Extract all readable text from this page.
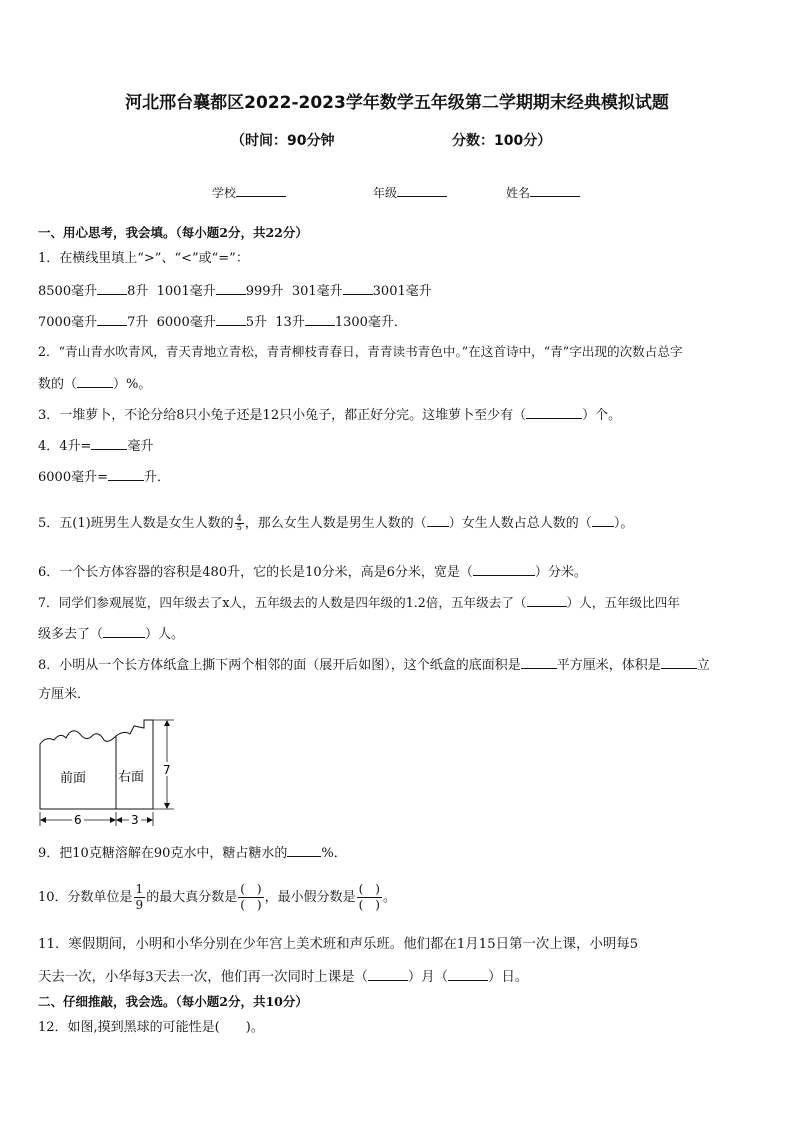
河北邢台襄都区2022-2023学年数学五年级第二学期期末经典模拟试题
（时间：90分钟	分数：100分）
学校	年级	姓名
一、用心思考，我会填。（每小题2分，共22分）
1．在横线里填上“>”、“<”或“=”：
8500毫升 8升 1001毫升 999升 301毫升 3001毫升
7000毫升 7升 6000毫升 5升 13升 1300毫升．
2．“青山青水吹青风，青天青地立青松，青青柳枝青春日，青青读书青色中。”在这首诗中，“青”字出现的次数占总字
数的（	）%。
3．一堆萝卜，不论分给8只小兔子还是12只小兔子，都正好分完。这堆萝卜至少有（	）个。
4．4升=	毫升
6000毫升=	升．
5．五(1)班男生人数是女生人数的 $\frac{4}{5}$ ，那么女生人数是男生人数的（ ）女生人数占总人数的（ ）。
6．一个长方体容器的容积是480升，它的长是10分米，高是6分米，宽是（	）分米。
7．同学们参观展览，四年级去了x人，五年级去的人数是四年级的1.2倍，五年级去了（	）人，五年级比四年
级多去了（	）人。
8．小明从一个长方体纸盒上撕下两个相邻的面（展开后如图），这个纸盒的底面积是	平方厘米，体积是	立
方厘米．
前面 右面 7
6	3
9．把10克糖溶解在90克水中，糖占糖水的	%．
10．分数单位是 $\frac{1}{9}$ 的最大真分数是 $\frac{( )}{( )}$ ，最小假分数是 $\frac{( )}{( )}$ 。
11．寒假期间，小明和小华分别在少年宫上美术班和声乐班。他们都在1月15日第一次上课，小明每5
天去一次，小华每3天去一次，他们再一次同时上课是（	）月（	）日。
二、仔细推敲，我会选。（每小题2分，共10分）
12．如图,摸到黑球的可能性是(　　)。
